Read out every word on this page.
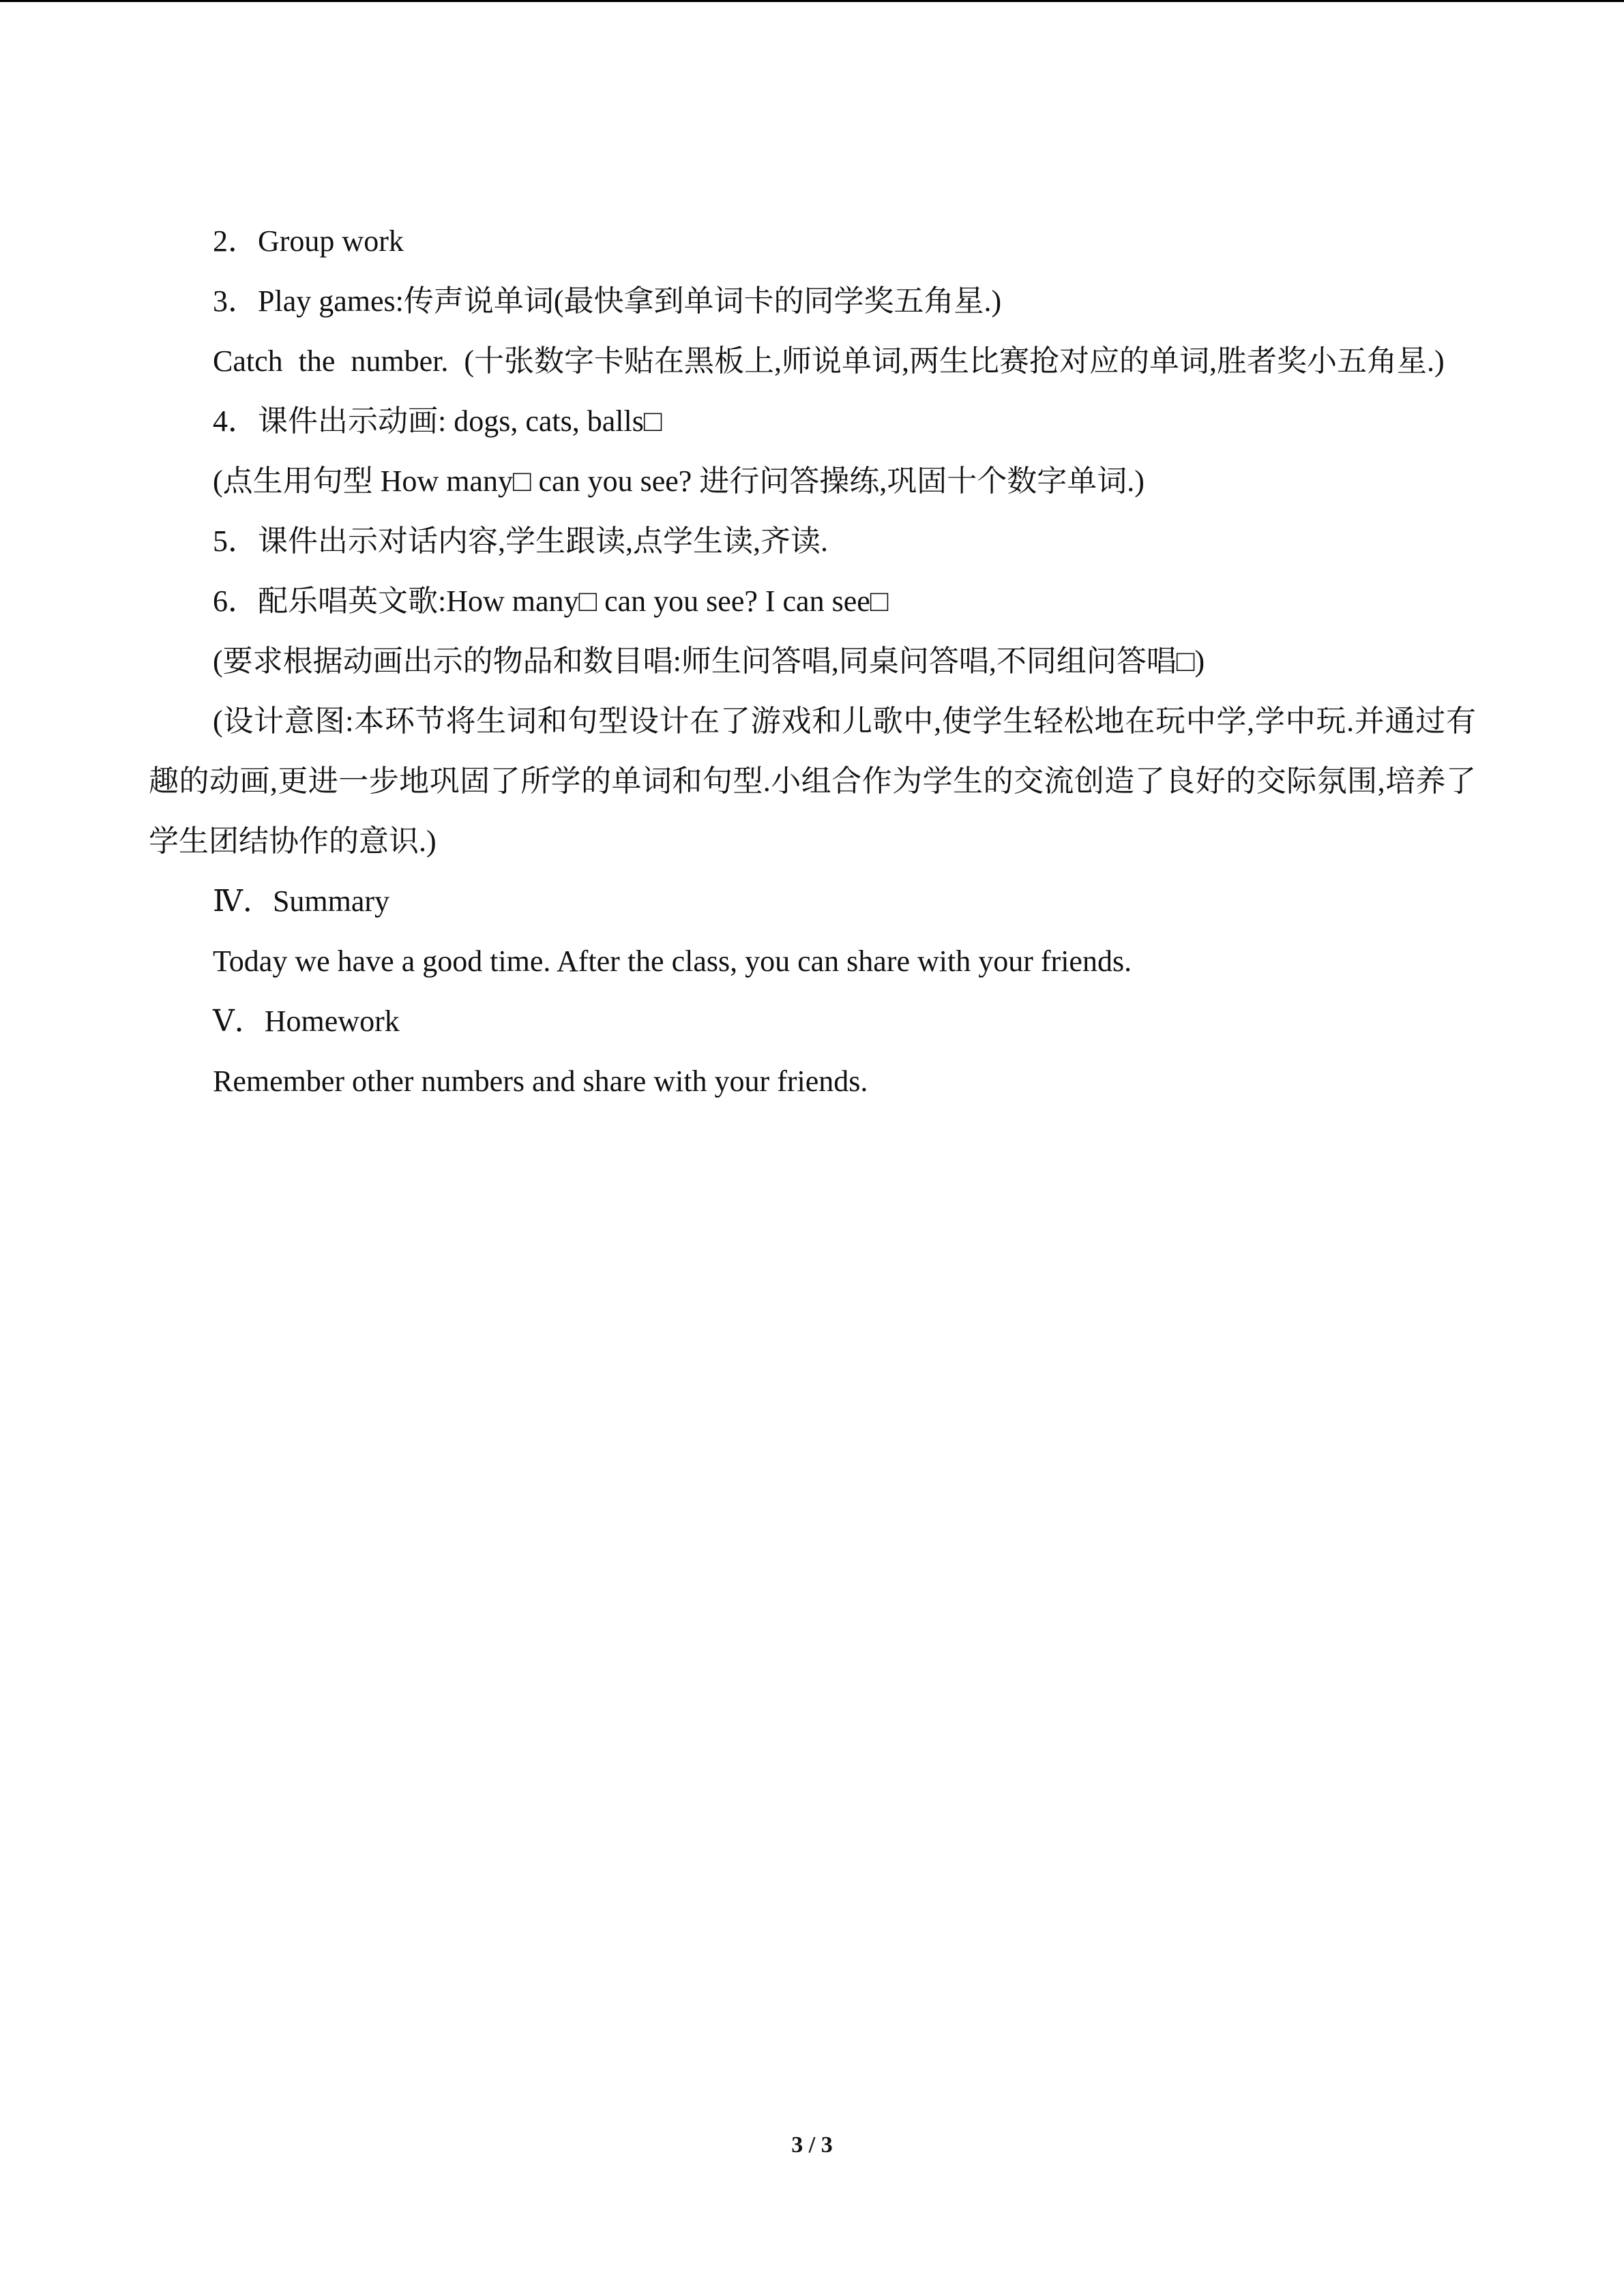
2．Group work

3．Play games:传声说单词(最快拿到单词卡的同学奖五角星.)

Catch the number. (十张数字卡贴在黑板上,师说单词,两生比赛抢对应的单词,胜者奖小五角星.)

4．课件出示动画: dogs, cats, balls□

(点生用句型 How many□ can you see? 进行问答操练,巩固十个数字单词.)

5．课件出示对话内容,学生跟读,点学生读,齐读.

6．配乐唱英文歌:How many□ can you see? I can see□

(要求根据动画出示的物品和数目唱:师生问答唱,同桌问答唱,不同组问答唱□)

(设计意图:本环节将生词和句型设计在了游戏和儿歌中,使学生轻松地在玩中学,学中玩.并通过有趣的动画,更进一步地巩固了所学的单词和句型.小组合作为学生的交流创造了良好的交际氛围,培养了学生团结协作的意识.)

Ⅳ．Summary

Today we have a good time. After the class, you can share with your friends.

Ⅴ．Homework

Remember other numbers and share with your friends.

3 / 3
